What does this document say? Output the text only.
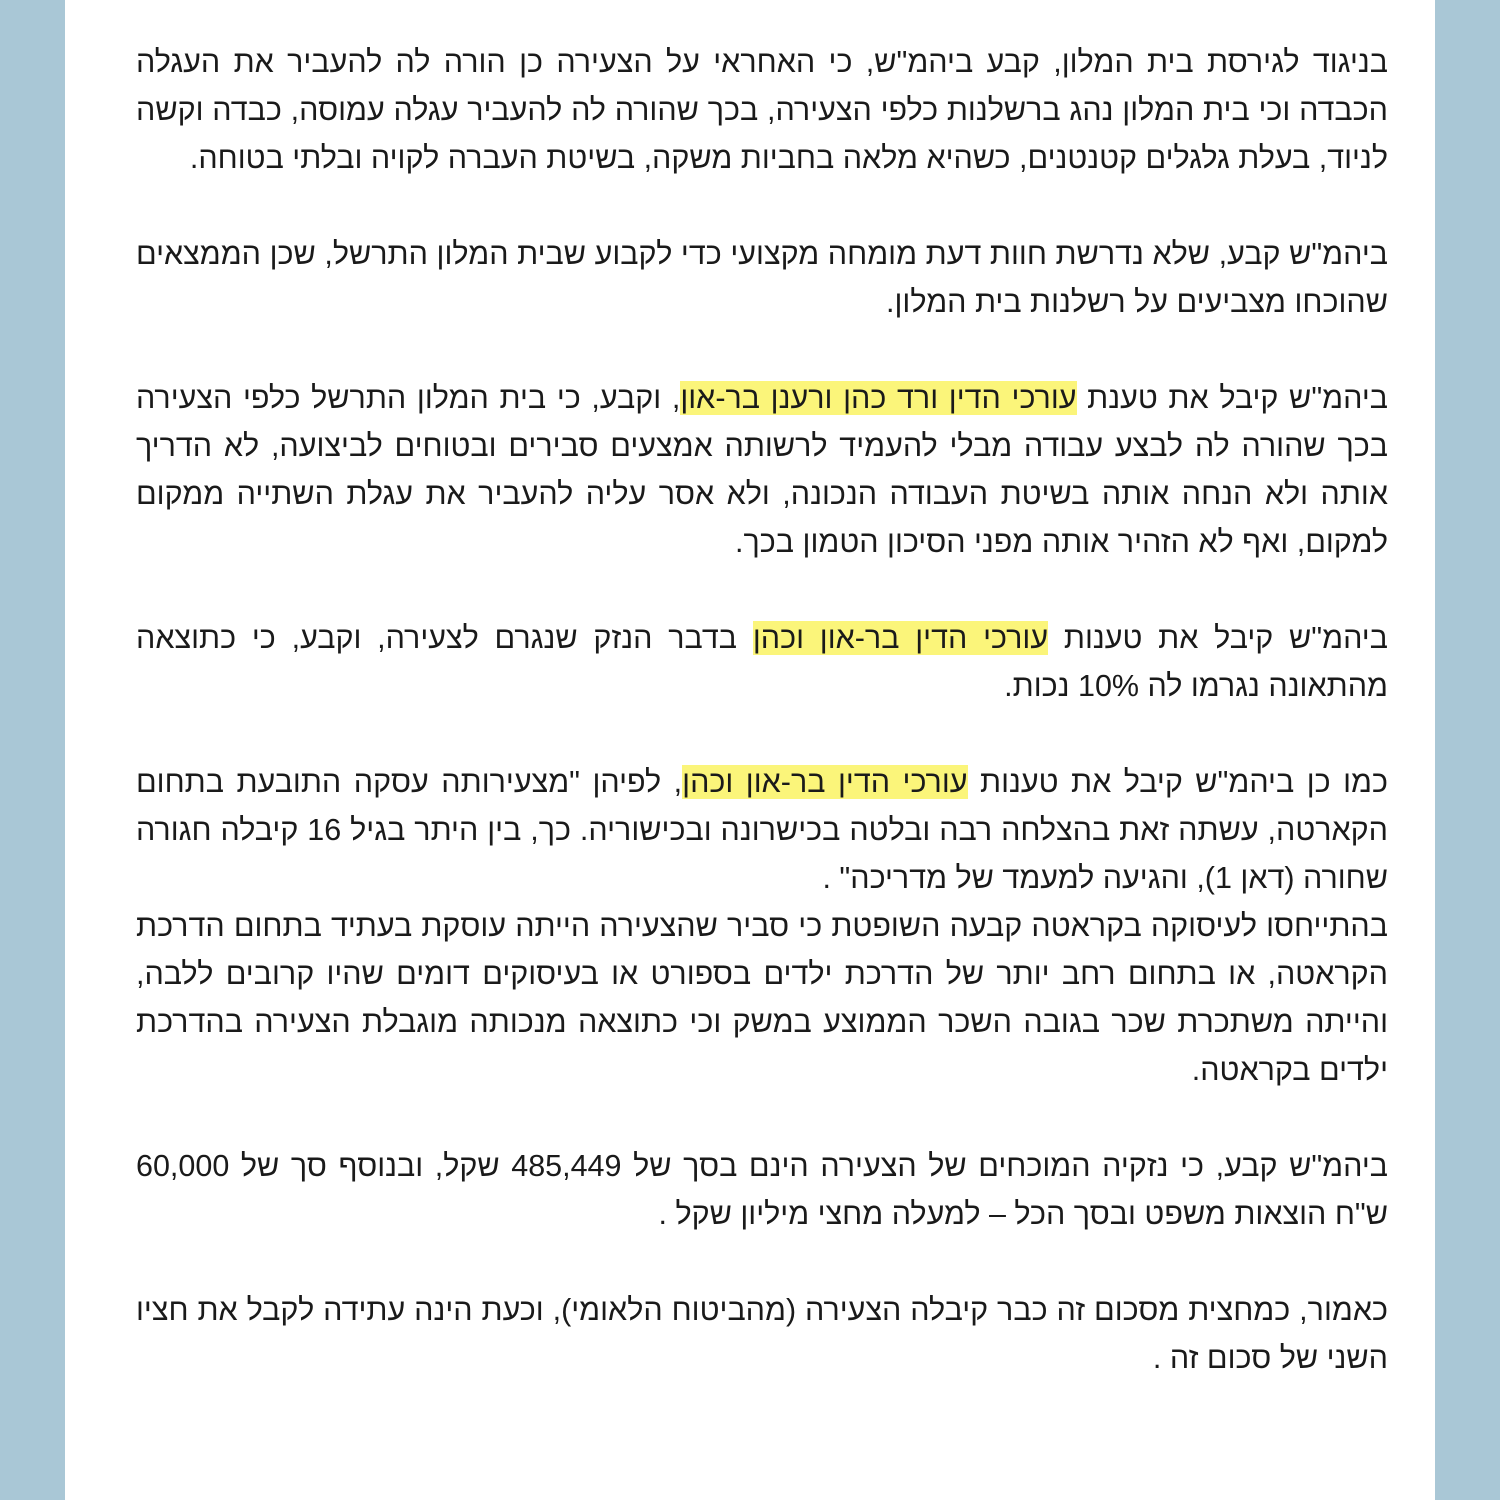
בניגוד לגירסת בית המלון, קבע ביהמ"ש, כי האחראי על הצעירה כן הורה לה להעביר את העגלה הכבדה וכי בית המלון נהג ברשלנות כלפי הצעירה, בכך שהורה לה להעביר עגלה עמוסה, כבדה וקשה לניוד, בעלת גלגלים קטנטנים, כשהיא מלאה בחביות משקה, בשיטת העברה לקויה ובלתי בטוחה.

ביהמ"ש קבע, שלא נדרשת חוות דעת מומחה מקצועי כדי לקבוע שבית המלון התרשל, שכן הממצאים שהוכחו מצביעים על רשלנות בית המלון.

ביהמ"ש קיבל את טענת עורכי הדין ורד כהן ורענן בר-און, וקבע, כי בית המלון התרשל כלפי הצעירה בכך שהורה לה לבצע עבודה מבלי להעמיד לרשותה אמצעים סבירים ובטוחים לביצועה, לא הדריך אותה ולא הנחה אותה בשיטת העבודה הנכונה, ולא אסר עליה להעביר את עגלת השתייה ממקום למקום, ואף לא הזהיר אותה מפני הסיכון הטמון בכך.

ביהמ"ש קיבל את טענות עורכי הדין בר-און וכהן בדבר הנזק שנגרם לצעירה, וקבע, כי כתוצאה מהתאונה נגרמו לה 10% נכות.

כמו כן ביהמ"ש קיבל את טענות עורכי הדין בר-און וכהן, לפיהן "מצעירותה עסקה התובעת בתחום הקארטה, עשתה זאת בהצלחה רבה ובלטה בכישרונה ובכישוריה. כך, בין היתר בגיל 16 קיבלה חגורה שחורה (דאן 1), והגיעה למעמד של מדריכה" .

בהתייחסו לעיסוקה בקראטה קבעה השופטת כי סביר שהצעירה הייתה עוסקת בעתיד בתחום הדרכת הקראטה, או בתחום רחב יותר של הדרכת ילדים בספורט או בעיסוקים דומים שהיו קרובים ללבה, והייתה משתכרת שכר בגובה השכר הממוצע במשק וכי כתוצאה מנכותה מוגבלת הצעירה בהדרכת ילדים בקראטה.

ביהמ"ש קבע, כי נזקיה המוכחים של הצעירה הינם בסך של 485,449 שקל, ובנוסף סך של 60,000 ש"ח הוצאות משפט ובסך הכל – למעלה מחצי מיליון שקל .

כאמור, כמחצית מסכום זה כבר קיבלה הצעירה (מהביטוח הלאומי), וכעת הינה עתידה לקבל את חציו השני של סכום זה .
